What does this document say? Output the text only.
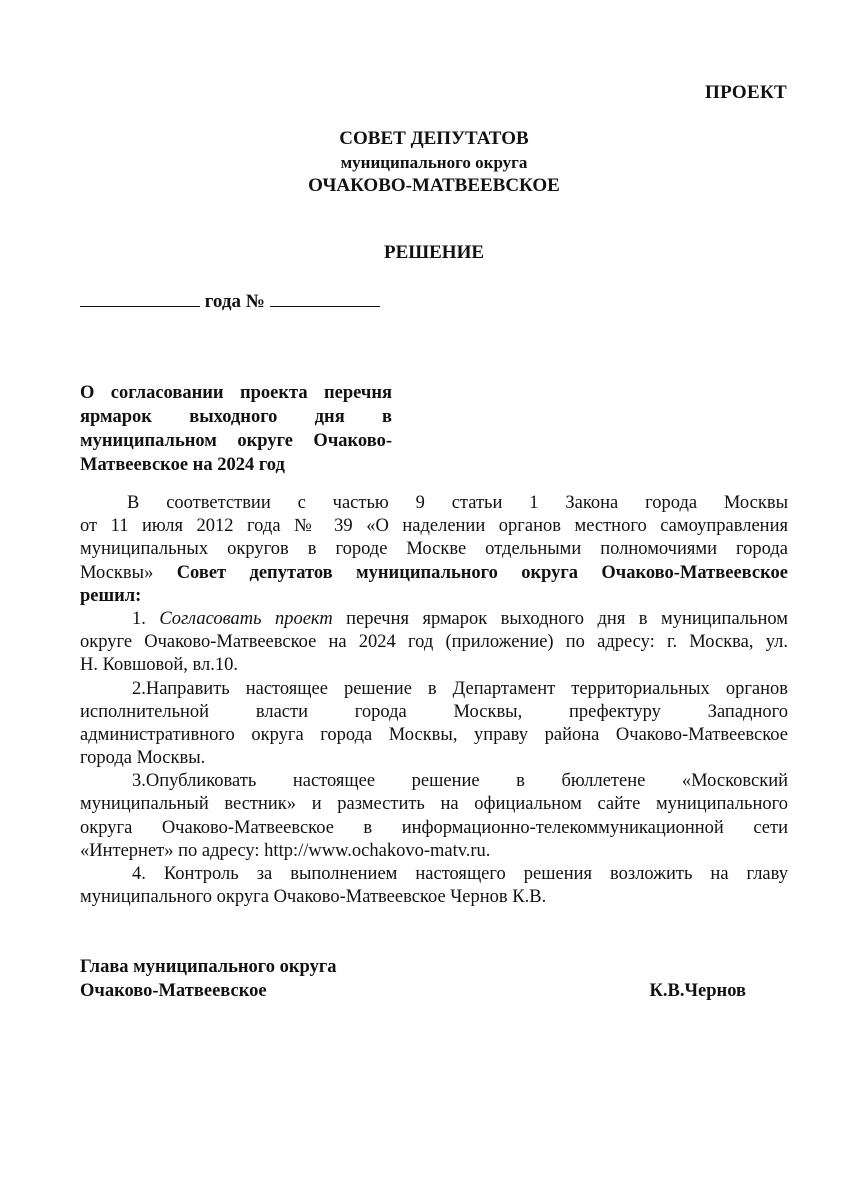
ПРОЕКТ
СОВЕТ ДЕПУТАТОВ
муниципального округа
ОЧАКОВО-МАТВЕЕВСКОЕ
РЕШЕНИЕ
года №
О согласовании проекта перечня
ярмарок выходного дня в
муниципальном округе Очаково-
Матвеевское на 2024 год
В соответствии с частью 9 статьи 1 Закона города Москвы
от 11 июля 2012 года № 39 «О наделении органов местного самоуправления
муниципальных округов в городе Москве отдельными полномочиями города
Москвы» Совет депутатов муниципального округа Очаково-Матвеевское
решил:
1. Согласовать проект перечня ярмарок выходного дня в муниципальном
округе Очаково-Матвеевское на 2024 год (приложение) по адресу: г. Москва, ул.
Н. Ковшовой, вл.10.
2.Направить настоящее решение в Департамент территориальных органов
исполнительной власти города Москвы, префектуру Западного
административного округа города Москвы, управу района Очаково-Матвеевское
города Москвы.
3.Опубликовать настоящее решение в бюллетене «Московский
муниципальный вестник» и разместить на официальном сайте муниципального
округа Очаково-Матвеевское в информационно-телекоммуникационной сети
«Интернет» по адресу: http://www.ochakovo-matv.ru.
4. Контроль за выполнением настоящего решения возложить на главу
муниципального округа Очаково-Матвеевское Чернов К.В.
Глава муниципального округа
Очаково-Матвеевское	К.В.Чернов
